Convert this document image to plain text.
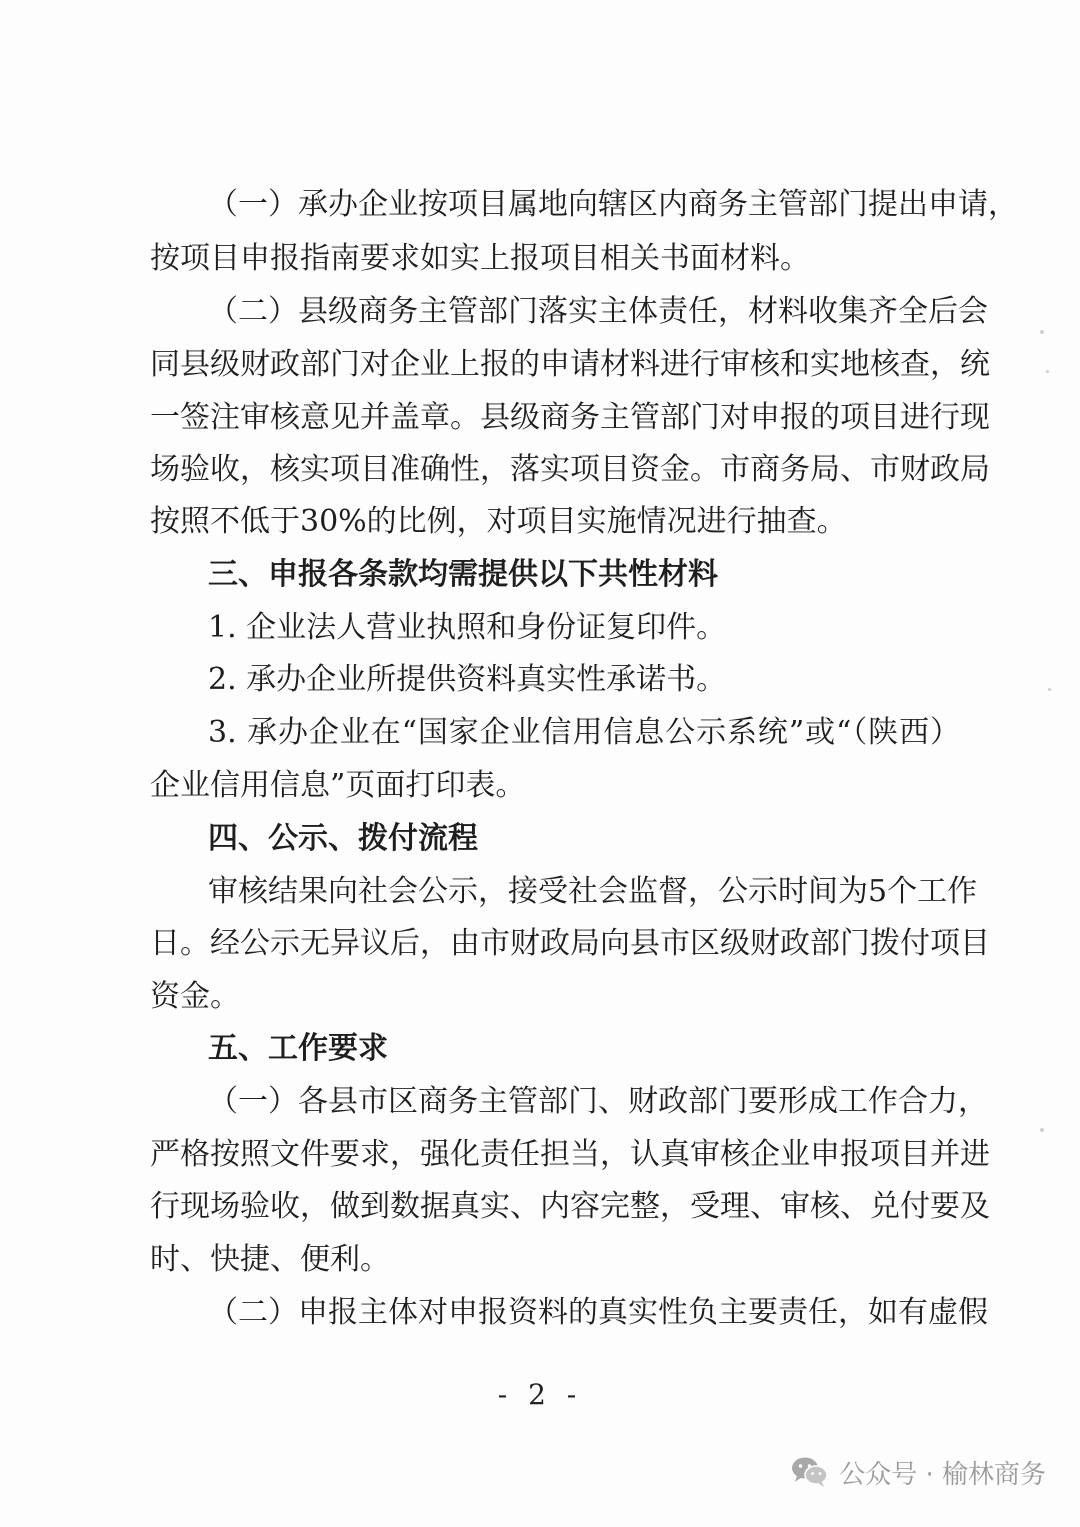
（一）承办企业按项目属地向辖区内商务主管部门提出申请，
按项目申报指南要求如实上报项目相关书面材料。
（二）县级商务主管部门落实主体责任，材料收集齐全后会
同县级财政部门对企业上报的申请材料进行审核和实地核查，统
一签注审核意见并盖章。县级商务主管部门对申报的项目进行现
场验收，核实项目准确性，落实项目资金。市商务局、市财政局
按照不低于30%的比例，对项目实施情况进行抽查。
三、申报各条款均需提供以下共性材料
1. 企业法人营业执照和身份证复印件。
2. 承办企业所提供资料真实性承诺书。
3. 承办企业在“国家企业信用信息公示系统”或“（陕西）
企业信用信息”页面打印表。
四、公示、拨付流程
审核结果向社会公示，接受社会监督，公示时间为5个工作
日。经公示无异议后，由市财政局向县市区级财政部门拨付项目
资金。
五、工作要求
（一）各县市区商务主管部门、财政部门要形成工作合力，
严格按照文件要求，强化责任担当，认真审核企业申报项目并进
行现场验收，做到数据真实、内容完整，受理、审核、兑付要及
时、快捷、便利。
（二）申报主体对申报资料的真实性负主要责任，如有虚假
- 2 -
公众号 · 榆林商务
